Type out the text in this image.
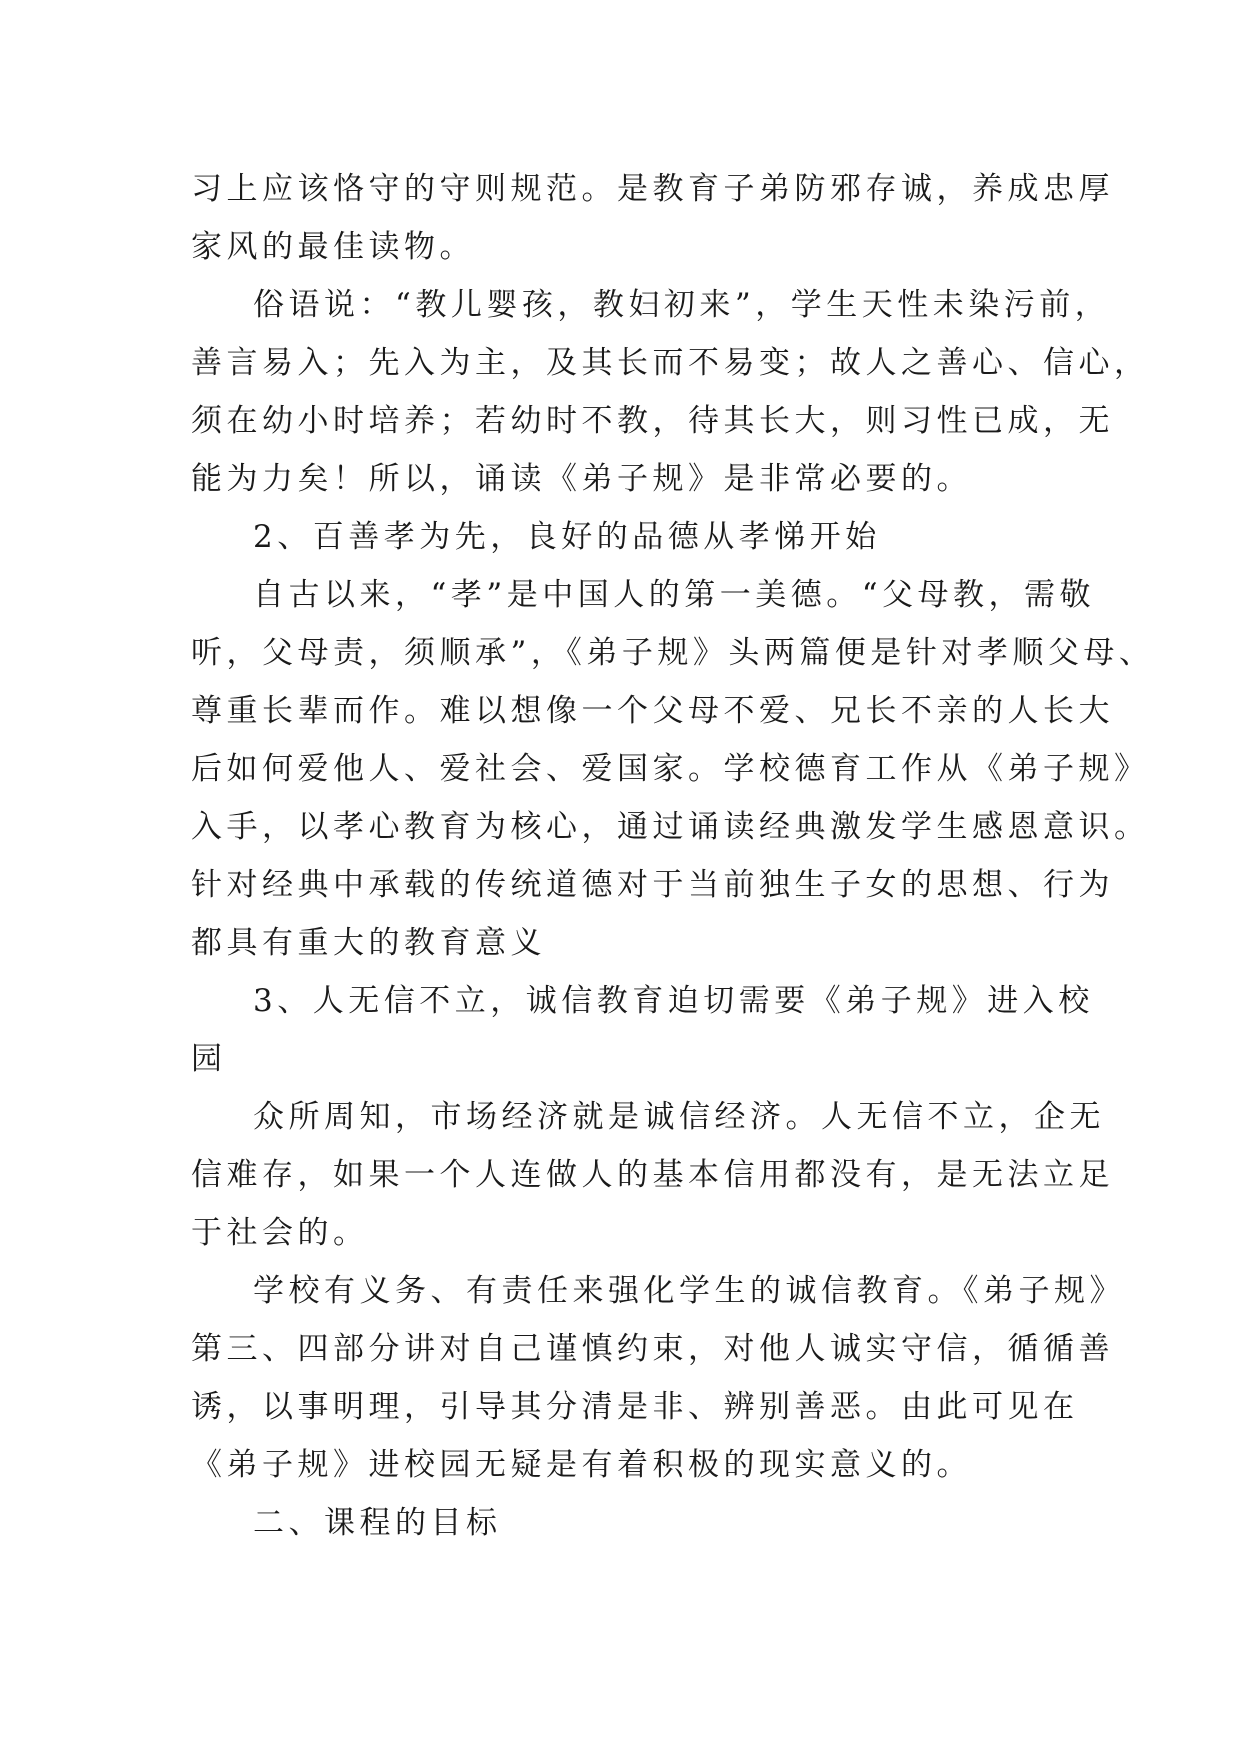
习上应该恪守的守则规范。是教育子弟防邪存诚，养成忠厚
家风的最佳读物。
俗语说：“教儿婴孩，教妇初来”，学生天性未染污前，
善言易入；先入为主，及其长而不易变；故人之善心、信心，
须在幼小时培养；若幼时不教，待其长大，则习性已成，无
能为力矣！所以，诵读《弟子规》是非常必要的。
2、百善孝为先，良好的品德从孝悌开始
自古以来，“孝”是中国人的第一美德。“父母教，需敬
听，父母责，须顺承”，《弟子规》头两篇便是针对孝顺父母、
尊重长辈而作。难以想像一个父母不爱、兄长不亲的人长大
后如何爱他人、爱社会、爱国家。学校德育工作从《弟子规》
入手，以孝心教育为核心，通过诵读经典激发学生感恩意识。
针对经典中承载的传统道德对于当前独生子女的思想、行为
都具有重大的教育意义
3、人无信不立，诚信教育迫切需要《弟子规》进入校
园
众所周知，市场经济就是诚信经济。人无信不立，企无
信难存，如果一个人连做人的基本信用都没有，是无法立足
于社会的。
学校有义务、有责任来强化学生的诚信教育。《弟子规》
第三、四部分讲对自己谨慎约束，对他人诚实守信，循循善
诱，以事明理，引导其分清是非、辨别善恶。由此可见在
《弟子规》进校园无疑是有着积极的现实意义的。
二、课程的目标
